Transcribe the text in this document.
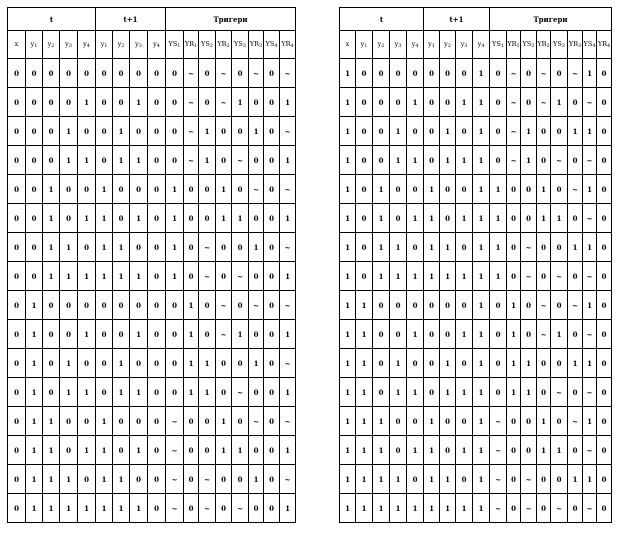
t					t+1				Тригери							
x	$y_1$	$y_2$	$y_3$	$y_4$	$y_1$	$y_2$	$y_3$	$y_4$	$YS_1$	$YR_1$	$YS_2$	$YR_2$	$YS_3$	$YR_3$	$YS_4$	$YR_4$
0	0	0	0	0	0	0	0	0	0	~	0	~	0	~	0	~
0	0	0	0	1	0	0	1	0	0	~	0	~	1	0	0	1
0	0	0	1	0	0	1	0	0	0	~	1	0	0	1	0	~
0	0	0	1	1	0	1	1	0	0	~	1	0	~	0	0	1
0	0	1	0	0	1	0	0	0	1	0	0	1	0	~	0	~
0	0	1	0	1	1	0	1	0	1	0	0	1	1	0	0	1
0	0	1	1	0	1	1	0	0	1	0	~	0	0	1	0	~
0	0	1	1	1	1	1	1	0	1	0	~	0	~	0	0	1
0	1	0	0	0	0	0	0	0	0	1	0	~	0	~	0	~
0	1	0	0	1	0	0	1	0	0	1	0	~	1	0	0	1
0	1	0	1	0	0	1	0	0	0	1	1	0	0	1	0	~
0	1	0	1	1	0	1	1	0	0	1	1	0	~	0	0	1
0	1	1	0	0	1	0	0	0	~	0	0	1	0	~	0	~
0	1	1	0	1	1	0	1	0	~	0	0	1	1	0	0	1
0	1	1	1	0	1	1	0	0	~	0	~	0	0	1	0	~
0	1	1	1	1	1	1	1	0	~	0	~	0	~	0	0	1
t					t+1				Тригери							
x	$y_1$	$y_2$	$y_3$	$y_4$	$y_1$	$y_2$	$y_3$	$y_4$	$YS_1$	$YR_1$	$YS_2$	$YR_2$	$YS_3$	$YR_3$	$YS_4$	$YR_4$
1	0	0	0	0	0	0	0	1	0	~	0	~	0	~	1	0
1	0	0	0	1	0	0	1	1	0	~	0	~	1	0	~	0
1	0	0	1	0	0	1	0	1	0	~	1	0	0	1	1	0
1	0	0	1	1	0	1	1	1	0	~	1	0	~	0	~	0
1	0	1	0	0	1	0	0	1	1	0	0	1	0	~	1	0
1	0	1	0	1	1	0	1	1	1	0	0	1	1	0	~	0
1	0	1	1	0	1	1	0	1	1	0	~	0	0	1	1	0
1	0	1	1	1	1	1	1	1	1	0	~	0	~	0	~	0
1	1	0	0	0	0	0	0	1	0	1	0	~	0	~	1	0
1	1	0	0	1	0	0	1	1	0	1	0	~	1	0	~	0
1	1	0	1	0	0	1	0	1	0	1	1	0	0	1	1	0
1	1	0	1	1	0	1	1	1	0	1	1	0	~	0	~	0
1	1	1	0	0	1	0	0	1	~	0	0	1	0	~	1	0
1	1	1	0	1	1	0	1	1	~	0	0	1	1	0	~	0
1	1	1	1	0	1	1	0	1	~	0	~	0	0	1	1	0
1	1	1	1	1	1	1	1	1	~	0	~	0	~	0	~	0
